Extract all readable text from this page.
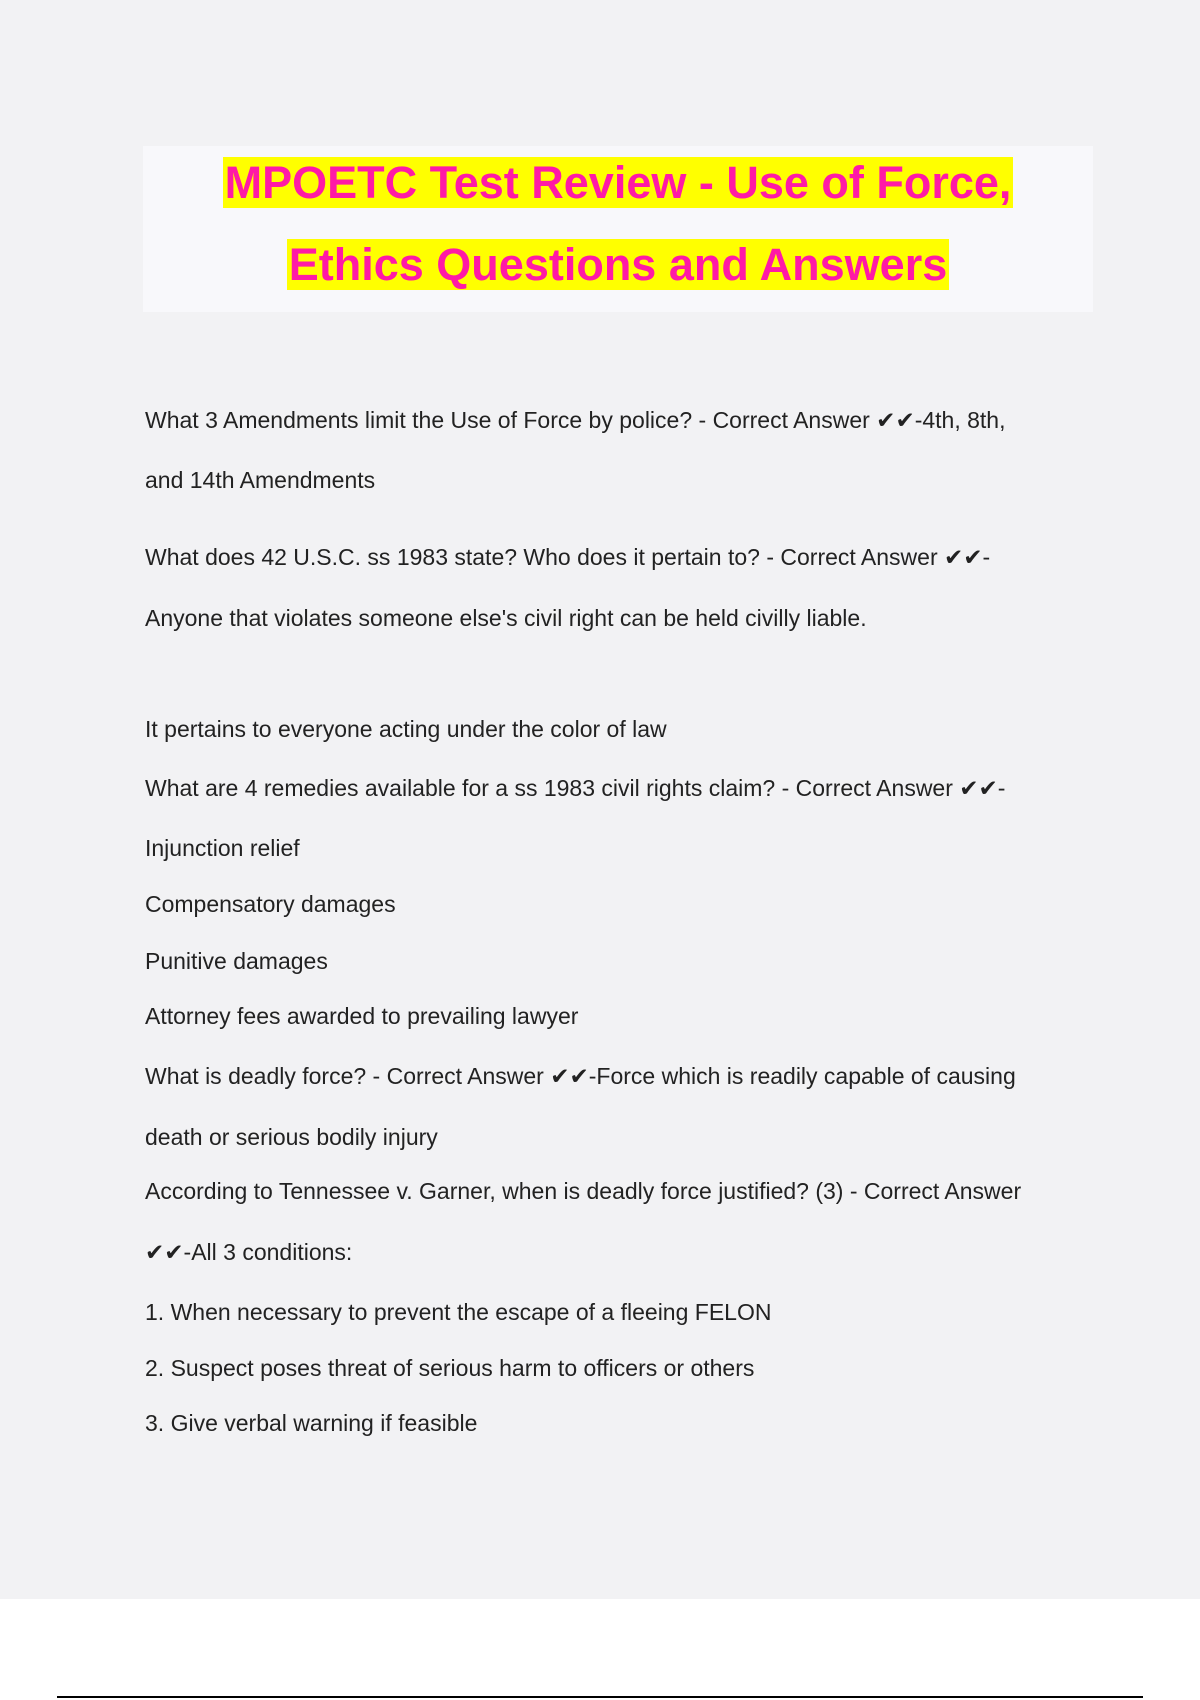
MPOETC Test Review - Use of Force,
Ethics Questions and Answers
What 3 Amendments limit the Use of Force by police? - Correct Answer ✔✔-4th, 8th,
and 14th Amendments
What does 42 U.S.C. ss 1983 state? Who does it pertain to? - Correct Answer ✔✔-
Anyone that violates someone else's civil right can be held civilly liable.
It pertains to everyone acting under the color of law
What are 4 remedies available for a ss 1983 civil rights claim? - Correct Answer ✔✔-
Injunction relief
Compensatory damages
Punitive damages
Attorney fees awarded to prevailing lawyer
What is deadly force? - Correct Answer ✔✔-Force which is readily capable of causing
death or serious bodily injury
According to Tennessee v. Garner, when is deadly force justified? (3) - Correct Answer
✔✔-All 3 conditions:
1. When necessary to prevent the escape of a fleeing FELON
2. Suspect poses threat of serious harm to officers or others
3. Give verbal warning if feasible
